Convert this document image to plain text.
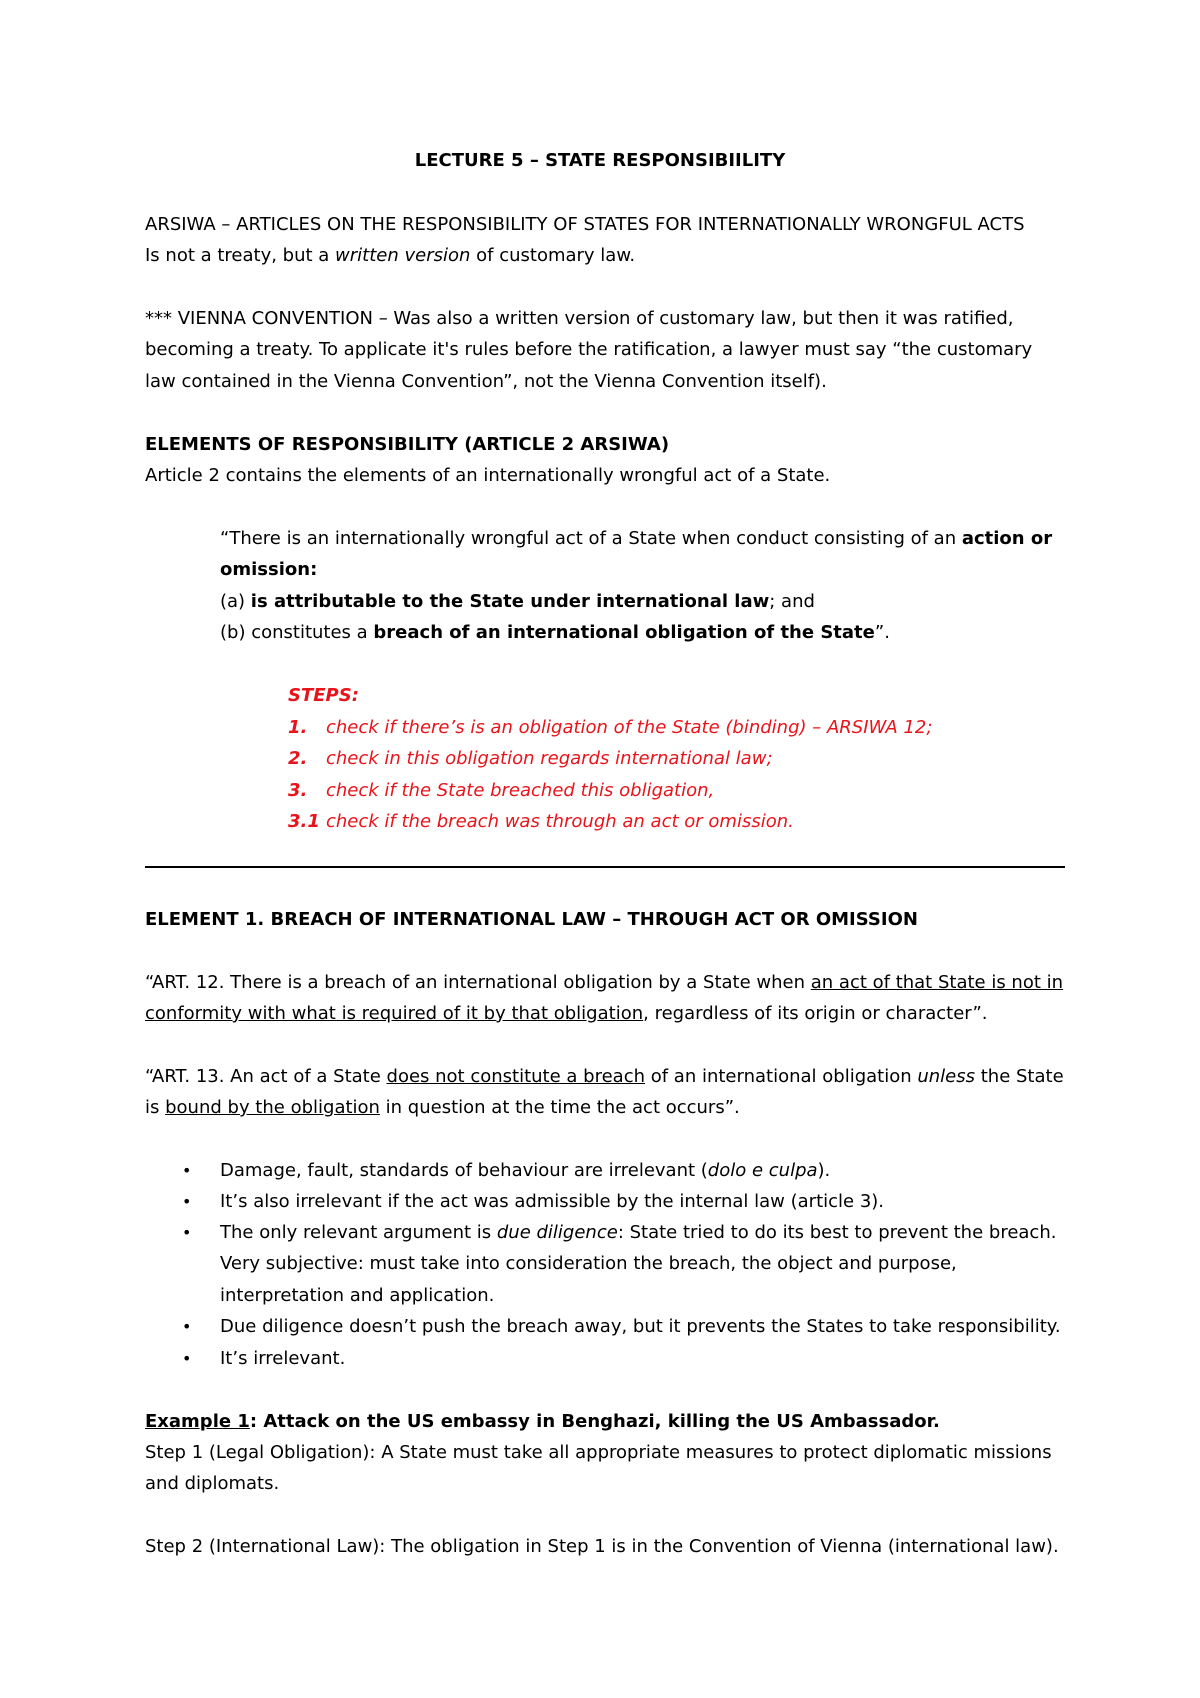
LECTURE 5 – STATE RESPONSIBIILITY
ARSIWA – ARTICLES ON THE RESPONSIBILITY OF STATES FOR INTERNATIONALLY WRONGFUL ACTS
Is not a treaty, but a written version of customary law.
*** VIENNA CONVENTION – Was also a written version of customary law, but then it was ratified,
becoming a treaty. To applicate it's rules before the ratification, a lawyer must say “the customary
law contained in the Vienna Convention”, not the Vienna Convention itself).
ELEMENTS OF RESPONSIBILITY (ARTICLE 2 ARSIWA)
Article 2 contains the elements of an internationally wrongful act of a State.
“There is an internationally wrongful act of a State when conduct consisting of an action or
omission:
(a) is attributable to the State under international law; and
(b) constitutes a breach of an international obligation of the State”.
STEPS:
1. check if there’s is an obligation of the State (binding) – ARSIWA 12;
2. check in this obligation regards international law;
3. check if the State breached this obligation,
3.1 check if the breach was through an act or omission.
ELEMENT 1. BREACH OF INTERNATIONAL LAW – THROUGH ACT OR OMISSION
“ART. 12. There is a breach of an international obligation by a State when an act of that State is not in
conformity with what is required of it by that obligation, regardless of its origin or character”.
“ART. 13. An act of a State does not constitute a breach of an international obligation unless the State
is bound by the obligation in question at the time the act occurs”.
• Damage, fault, standards of behaviour are irrelevant (dolo e culpa).
• It’s also irrelevant if the act was admissible by the internal law (article 3).
• The only relevant argument is due diligence: State tried to do its best to prevent the breach.
Very subjective: must take into consideration the breach, the object and purpose,
interpretation and application.
• Due diligence doesn’t push the breach away, but it prevents the States to take responsibility.
• It’s irrelevant.
Example 1: Attack on the US embassy in Benghazi, killing the US Ambassador.
Step 1 (Legal Obligation): A State must take all appropriate measures to protect diplomatic missions
and diplomats.
Step 2 (International Law): The obligation in Step 1 is in the Convention of Vienna (international law).
